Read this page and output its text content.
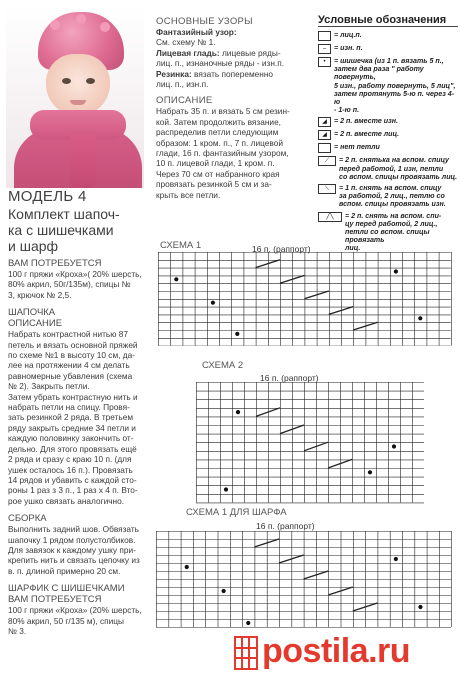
МОДЕЛЬ 4
Комплект шапоч-
ка с шишечками
и шарф
ВАМ ПОТРЕБУЕТСЯ
100 г пряжи «Кроха»( 20% шерсть,
80% акрил, 50г/135м), спицы №
3, крючок № 2,5.
ШАПОЧКА
ОПИСАНИЕ
Набрать контрастной нитью 87
петель и вязать основной пряжей
по схеме №1 в высоту 10 см, да-
лее на протяжении 4 см делать
равномерные убавления (схема
№ 2). Закрыть петли.
Затем убрать контрастную нить и
набрать петли на спицу. Провя-
зать резинкой 2 ряда. В третьем
ряду закрыть средние 34 петли и
каждую половинку закончить от-
дельно. Для этого провязать ещё
2 ряда и сразу с краю 10 п. (для
ушек осталось 16 п.). Провязать
14 рядов и убавить с каждой сто-
роны 1 раз з 3 п., 1 раз х 4 п. Вто-
рое ушко связать аналогично.
СБОРКА
Выполнить задний шов. Обвязать
шапочку 1 рядом полустолбиков.
Для завязок к каждому ушку при-
крепить нить и связать цепочку из
в. п. длиной примерно 20 см.
ШАРФИК С ШИШЕЧКАМИ
ВАМ ПОТРЕБУЕТСЯ
100 г пряжи «Кроха» (20% шерсть,
80% акрил, 50 г/135 м), спицы
№ 3.
ОСНОВНЫЕ УЗОРЫ
Фантазийный узор:
См. схему № 1.
Лицевая гладь: лицевые ряды-
лиц. п., изнаночные ряды - изн.п.
Резинка: вязать попеременно
лиц. п., изн.п.
ОПИСАНИЕ
Набрать 35 п. и вязать 5 см резин-
кой. Затем продолжить вязание,
распределив петли следующим
образом: 1 кром. п., 7 п. лицевой
глади, 16 п. фантазийным узором,
10 п. лицевой глади, 1 кром. п.
Через 70 см от набранного края
провязать резинкой 5 см и за-
крыть все петли.
Условные обозначения
= лиц.п.
–	= изн. п.
•	= шишечка (из 1 п. вязать 5 п.,
затем два раза " работу повернуть,
5 изн., работу повернуть, 5 лиц",
затем протянуть 5-ю п. через 4-ю
- 1-ю п.
◢	= 2 п. вместе изн.
◢	= 2 п. вместе лиц.
= нет петли
⟋	= 2 п. снятька на вспом. спицу
перед работой, 1 изн, петли
со вспом. спицы провязать лиц.
⟍	= 1 п. снять на вспом. спицу
за работой, 2 лиц., петлю со
вспом. спицы провязать изн.
╱╲	= 2 п. снять на вспом. спи-
цу перед работой, 2 лиц.,
петли со вспом. спицы провязать
лиц.
СХЕМА 1	16 п. (раппорт)
СХЕМА 2
16 п. (раппорт)
СХЕМА 1 ДЛЯ ШАРФА
16 п. (раппорт)
postila.ru
